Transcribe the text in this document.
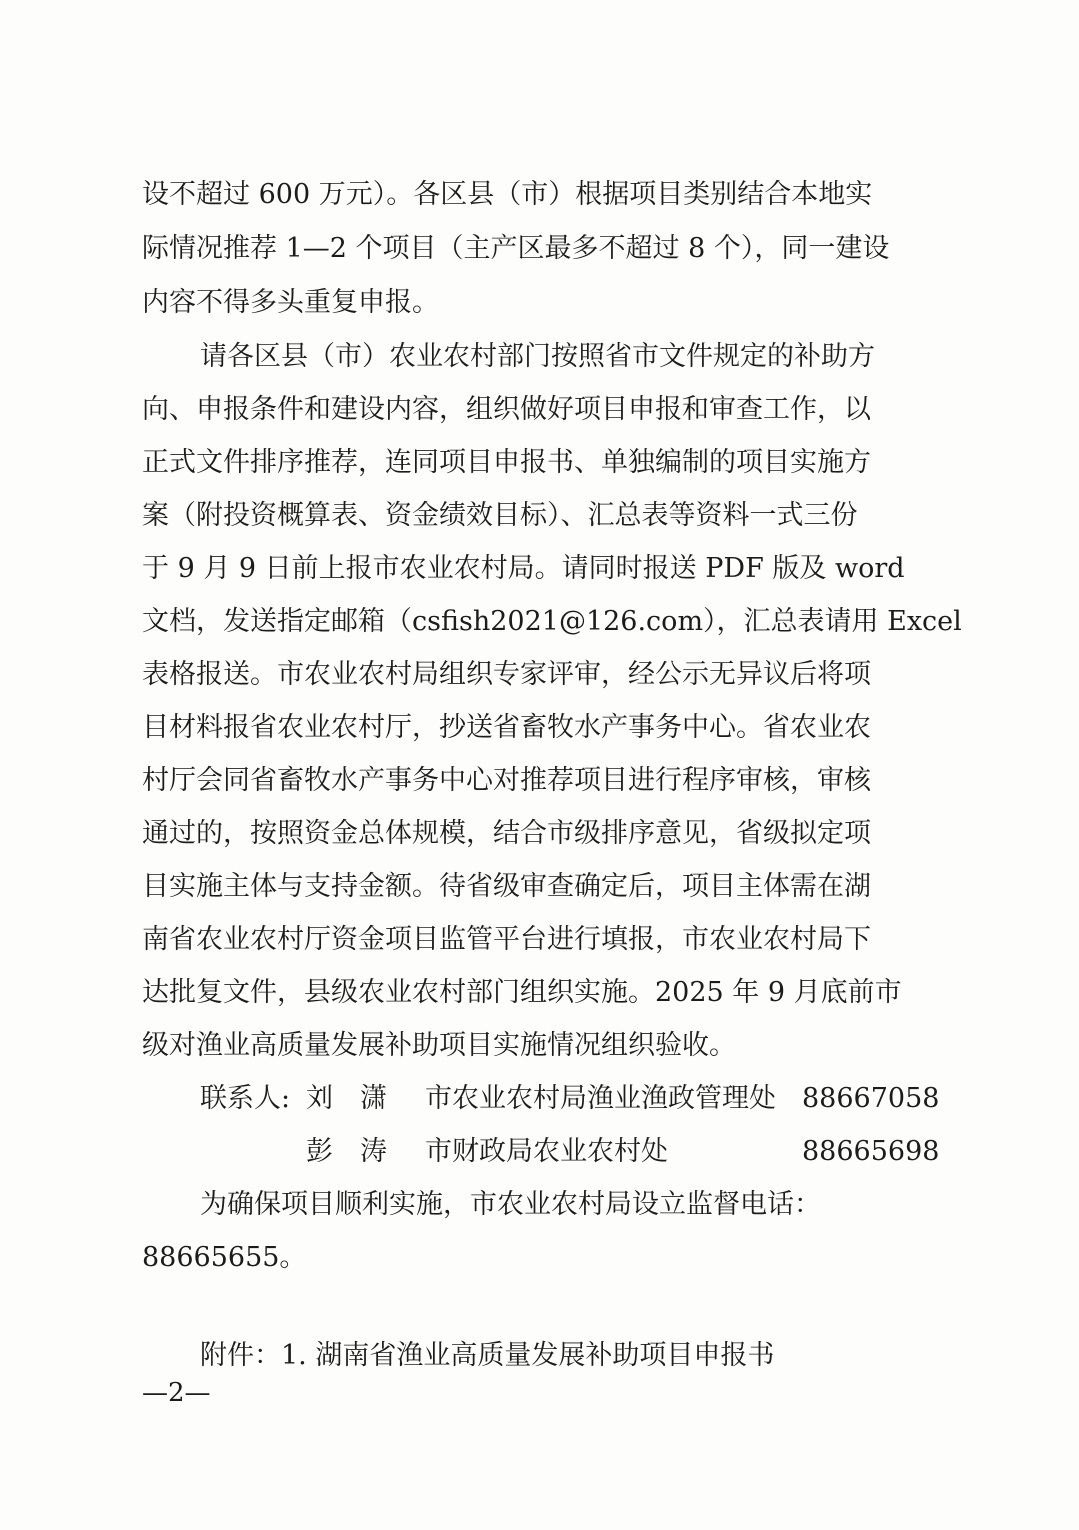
设不超过 600 万元）。各区县（市）根据项目类别结合本地实
际情况推荐 1—2 个项目（主产区最多不超过 8 个），同一建设
内容不得多头重复申报。
请各区县（市）农业农村部门按照省市文件规定的补助方
向、申报条件和建设内容，组织做好项目申报和审查工作，以
正式文件排序推荐，连同项目申报书、单独编制的项目实施方
案（附投资概算表、资金绩效目标）、汇总表等资料一式三份
于 9 月 9 日前上报市农业农村局。请同时报送 PDF 版及 word
文档，发送指定邮箱（csfish2021@126.com），汇总表请用 Excel
表格报送。市农业农村局组织专家评审，经公示无异议后将项
目材料报省农业农村厅，抄送省畜牧水产事务中心。省农业农
村厅会同省畜牧水产事务中心对推荐项目进行程序审核，审核
通过的，按照资金总体规模，结合市级排序意见，省级拟定项
目实施主体与支持金额。待省级审查确定后，项目主体需在湖
南省农业农村厅资金项目监管平台进行填报，市农业农村局下
达批复文件，县级农业农村部门组织实施。2025 年 9 月底前市
级对渔业高质量发展补助项目实施情况组织验收。
联系人: 刘　潇 市农业农村局渔业渔政管理处 88667058
彭　涛 市财政局农业农村处	88665698
为确保项目顺利实施，市农业农村局设立监督电话：
88665655。
附件：1. 湖南省渔业高质量发展补助项目申报书
—2—
